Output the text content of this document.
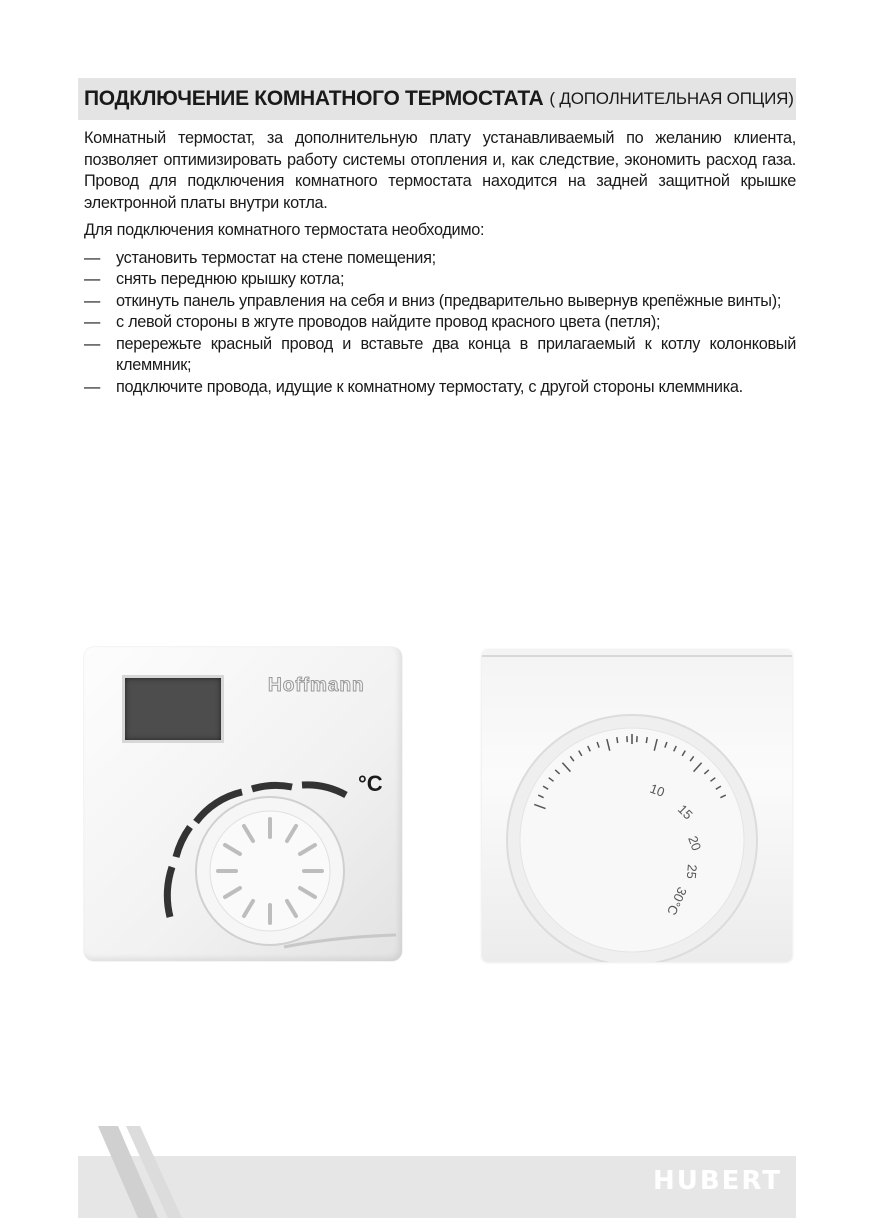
ПОДКЛЮЧЕНИЕ КОМНАТНОГО ТЕРМОСТАТА ( ДОПОЛНИТЕЛЬНАЯ ОПЦИЯ)

Комнатный термостат, за дополнительную плату устанавливаемый по желанию клиента, позволяет оптимизировать работу системы отопления и, как следствие, экономить расход газа. Провод для подключения комнатного термостата находится на задней защитной крышке электронной платы внутри котла.

Для подключения комнатного термостата необходимо:

— установить термостат на стене помещения;
— снять переднюю крышку котла;
— откинуть панель управления на себя и вниз (предварительно вывернув крепёжные винты);
— с левой стороны в жгуте проводов найдите провод красного цвета (петля);
— перережьте красный провод и вставьте два конца в прилагаемый к котлу колонковый клеммник;
— подключите провода, идущие к комнатному термостату, с другой стороны клеммника.
Hoffmann
°C	10
15
20
25
30°C
HUBERT
